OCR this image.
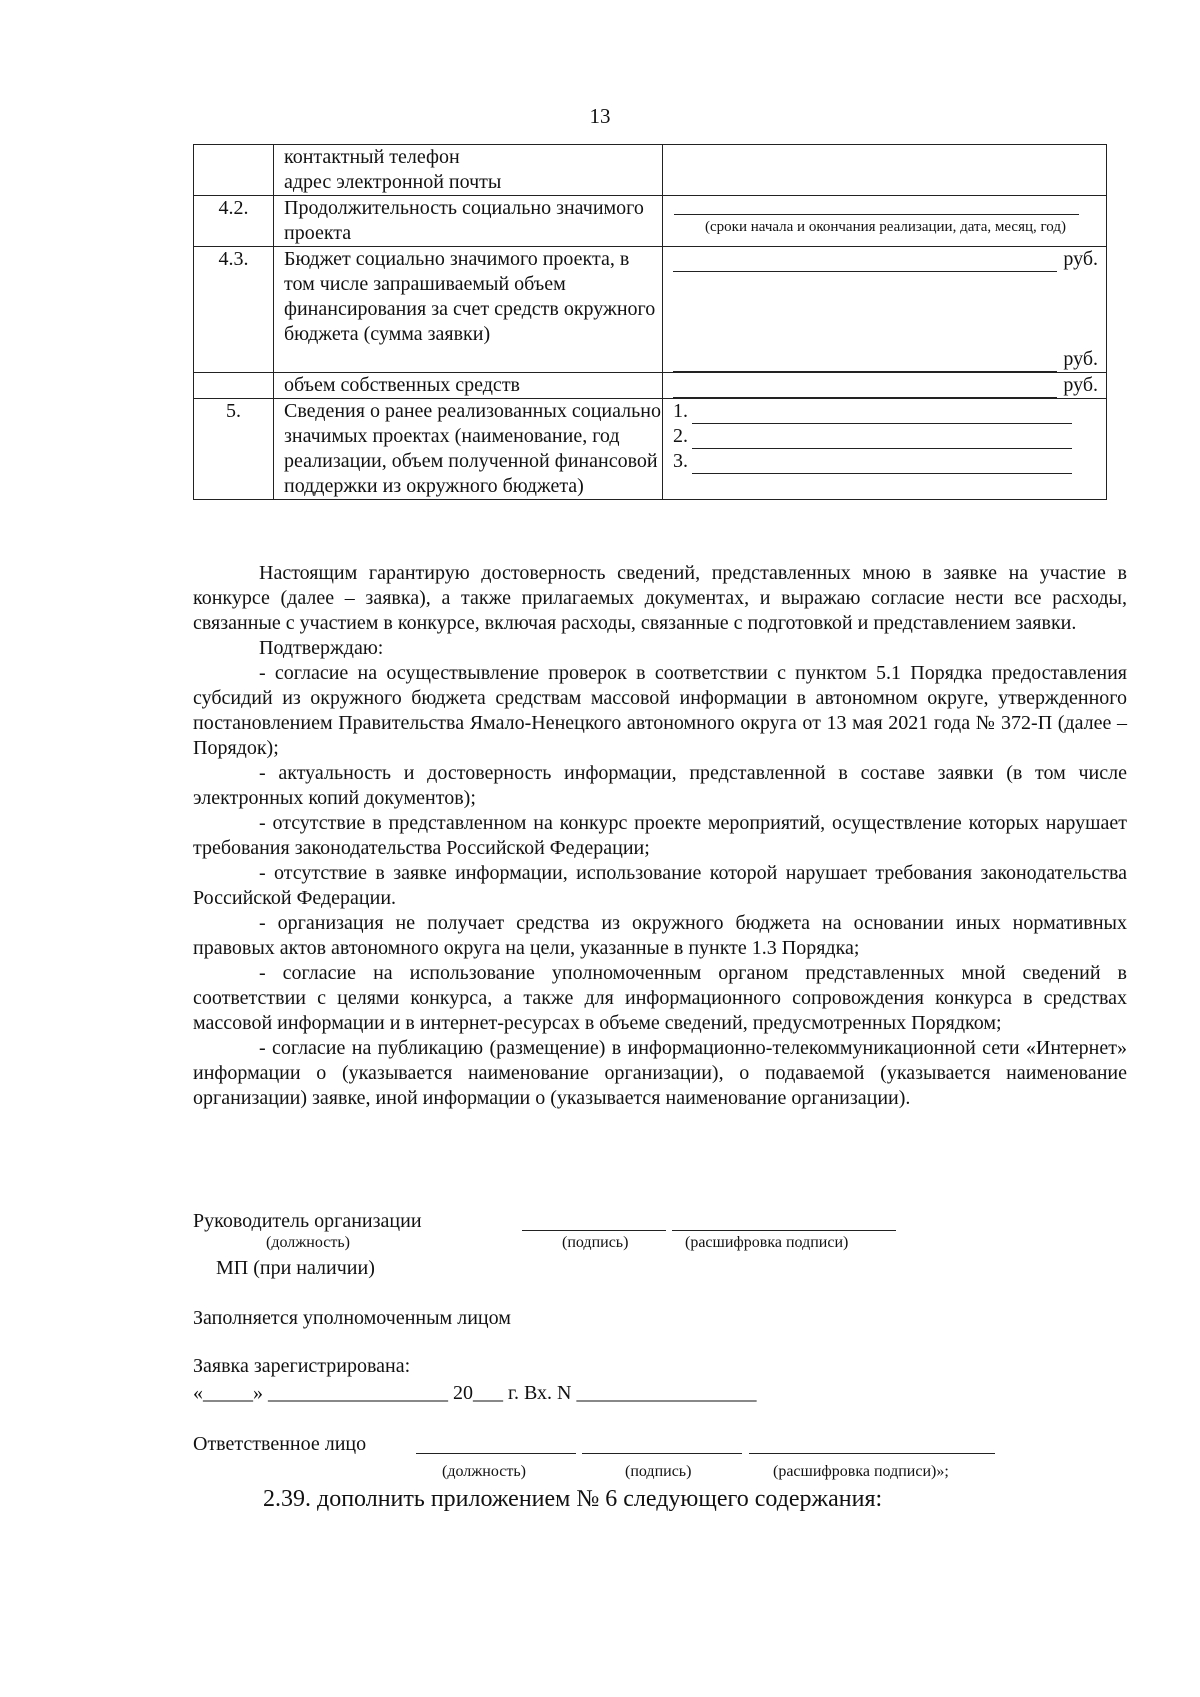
13

	контактный телефон
адрес электронной почты	

4.2.	Продолжительность социально значимого проекта	(сроки начала и окончания реализации, дата, месяц, год)

4.3.	Бюджет социально значимого проекта, в том числе запрашиваемый объем финансирования за счет средств окружного бюджета (сумма заявки)	руб.
руб.

	объем собственных средств	руб.

5.	Сведения о ранее реализованных социально значимых проектах (наименование, год реализации, объем полученной финансовой поддержки из окружного бюджета)	1.
2.
3.

Настоящим гарантирую достоверность сведений, представленных мною в заявке на участие в конкурсе (далее – заявка), а также прилагаемых документах, и выражаю согласие нести все расходы, связанные с участием в конкурсе, включая расходы, связанные с подготовкой и представлением заявки.

Подтверждаю:

- согласие на осуществывление проверок в соответствии с пунктом 5.1 Порядка предоставления субсидий из окружного бюджета средствам массовой информации в автономном округе, утвержденного постановлением Правительства Ямало-Ненецкого автономного округа от 13 мая 2021 года № 372-П (далее – Порядок);

- актуальность и достоверность информации, представленной в составе заявки (в том числе электронных копий документов);

- отсутствие в представленном на конкурс проекте мероприятий, осуществление которых нарушает требования законодательства Российской Федерации;

- отсутствие в заявке информации, использование которой нарушает требования законодательства Российской Федерации.

- организация не получает средства из окружного бюджета на основании иных нормативных правовых актов автономного округа на цели, указанные в пункте 1.3 Порядка;

- согласие на использование уполномоченным органом представленных мной сведений в соответствии с целями конкурса, а также для информационного сопровождения конкурса в средствах массовой информации и в интернет-ресурсах в объеме сведений, предусмотренных Порядком;

- согласие на публикацию (размещение) в информационно-телекоммуникационной сети «Интернет» информации о (указывается наименование организации), о подаваемой (указывается наименование организации) заявке, иной информации о (указывается наименование организации).

Руководитель организации
(должность)	(подпись)	(расшифровка подписи)
МП (при наличии)
Заполняется уполномоченным лицом
Заявка зарегистрирована:
«_____» __________________ 20___ г. Вх. N __________________
Ответственное лицо
(должность)	(подпись)	(расшифровка подписи)»;
2.39. дополнить приложением № 6 следующего содержания:
